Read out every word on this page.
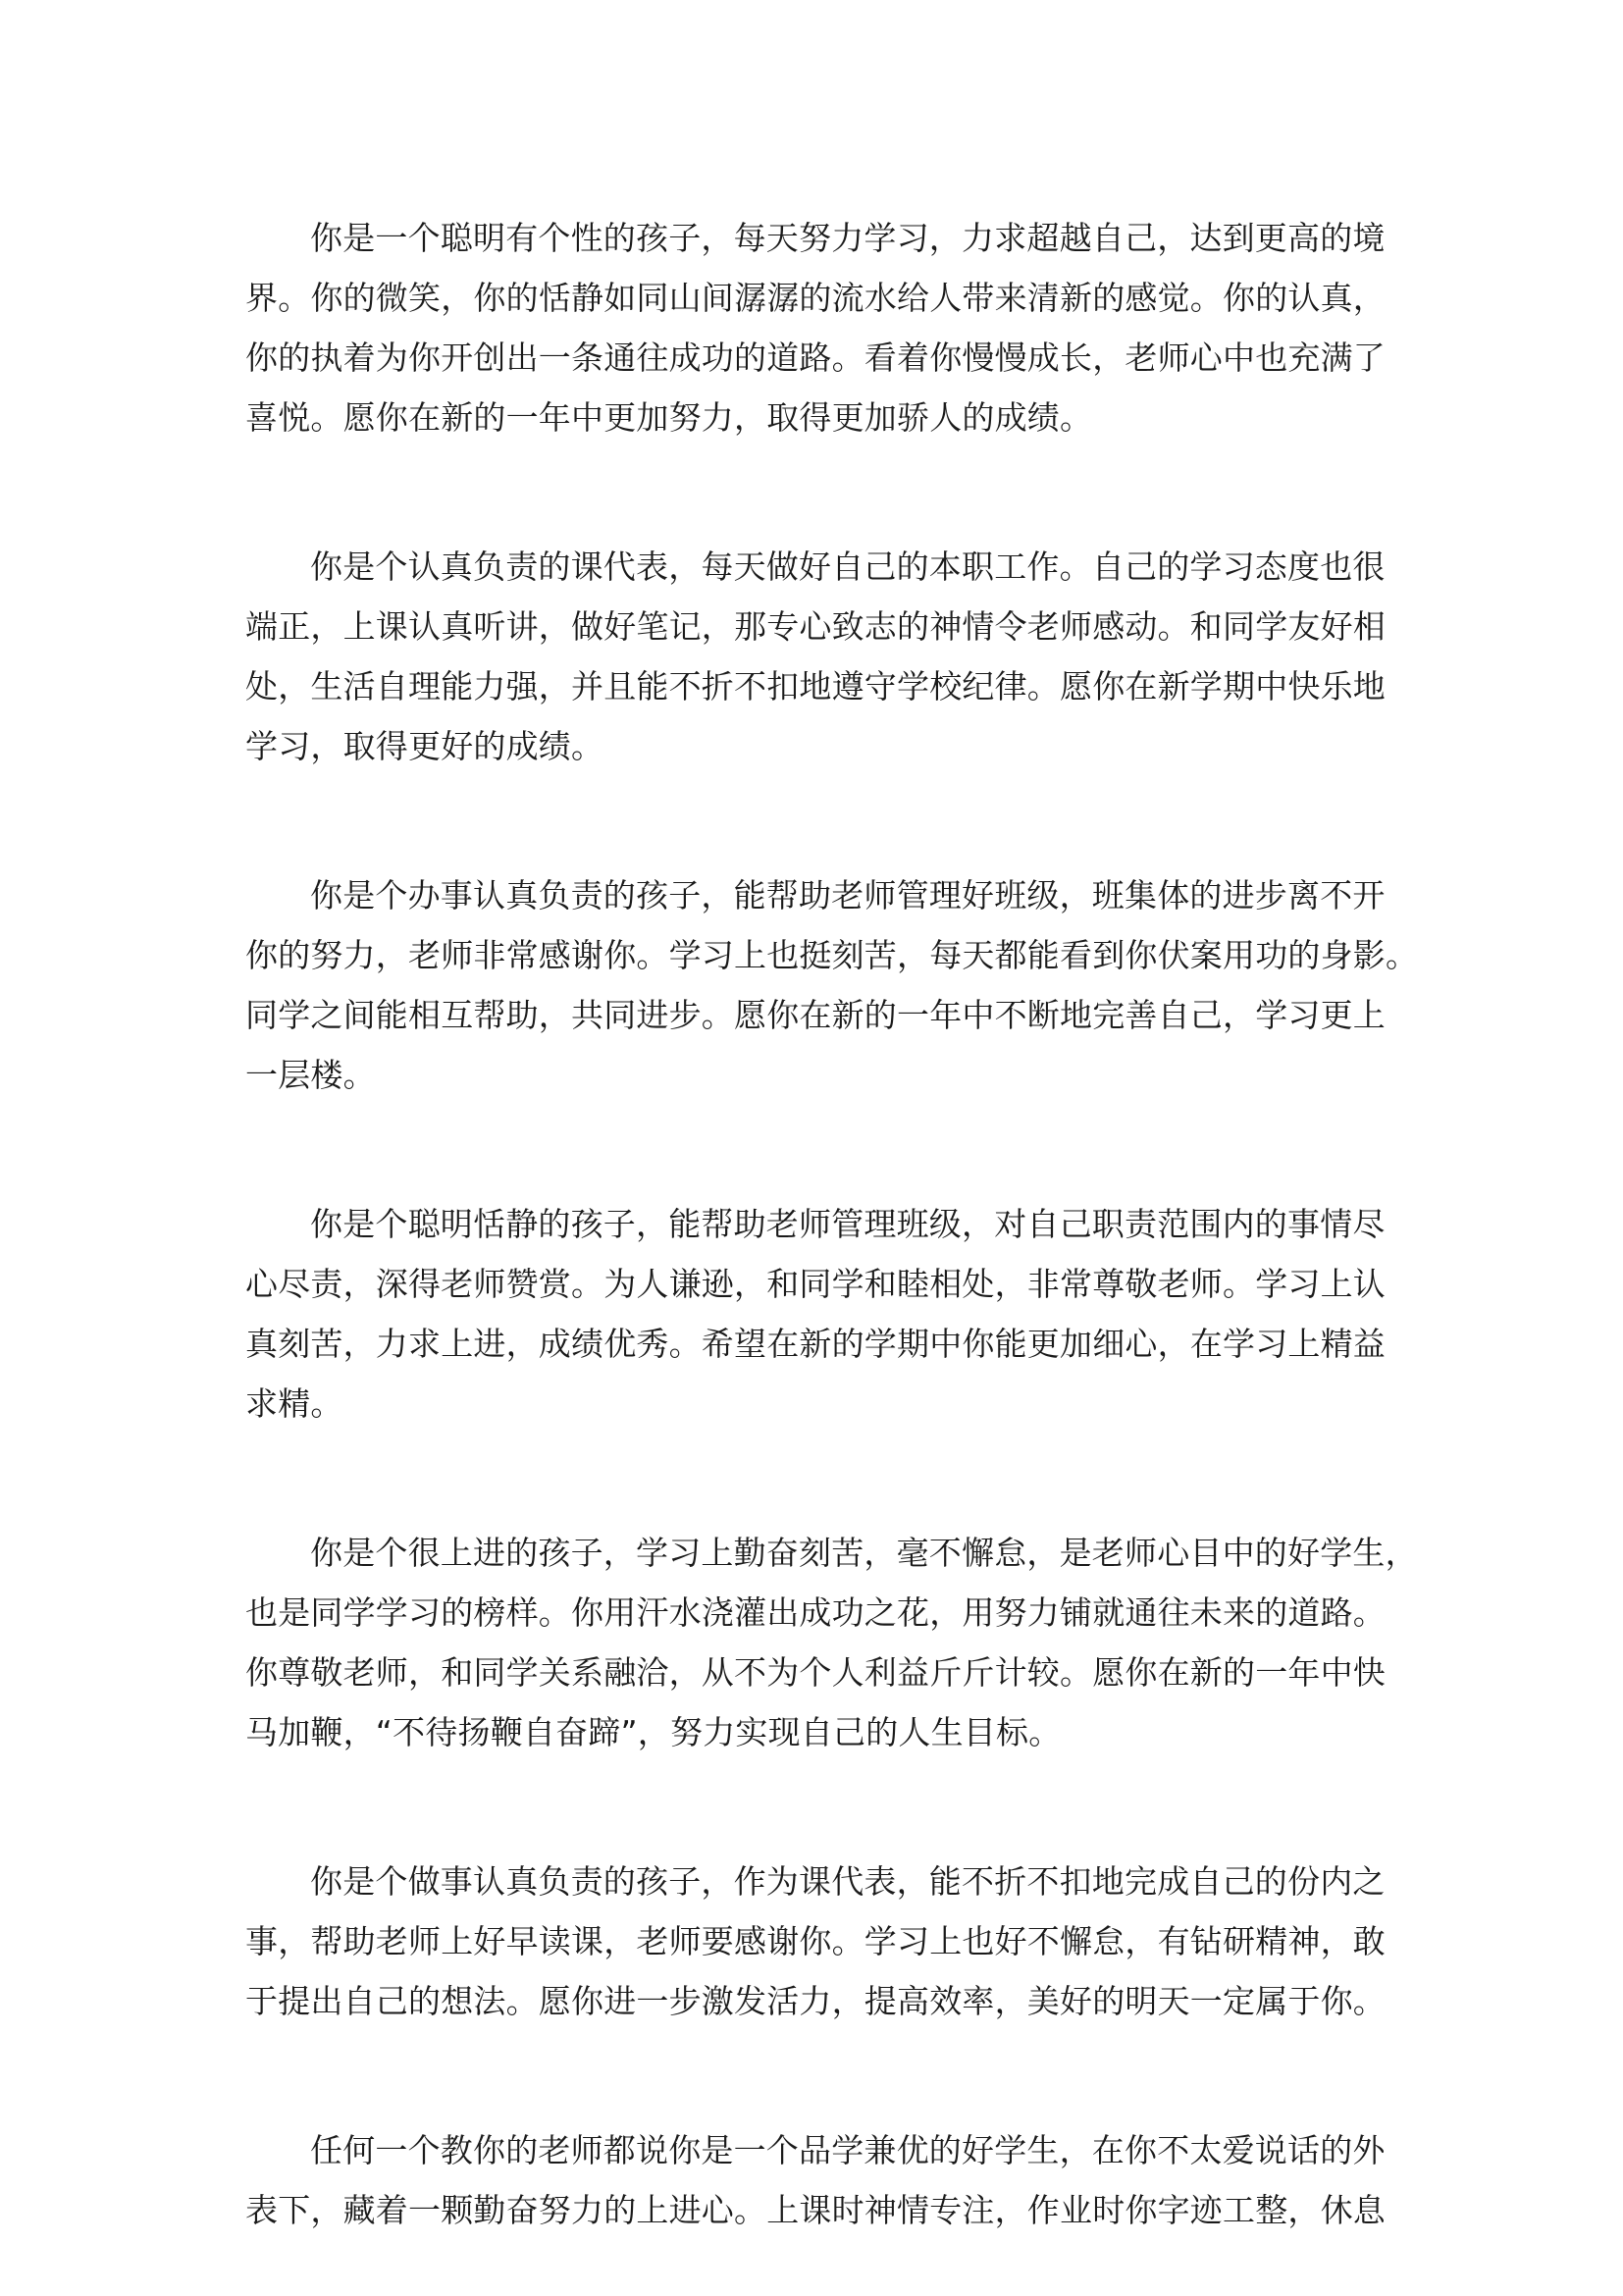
你是一个聪明有个性的孩子，每天努力学习，力求超越自己，达到更高的境
界。你的微笑，你的恬静如同山间潺潺的流水给人带来清新的感觉。你的认真，
你的执着为你开创出一条通往成功的道路。看着你慢慢成长，老师心中也充满了
喜悦。愿你在新的一年中更加努力，取得更加骄人的成绩。

你是个认真负责的课代表，每天做好自己的本职工作。自己的学习态度也很
端正，上课认真听讲，做好笔记，那专心致志的神情令老师感动。和同学友好相
处，生活自理能力强，并且能不折不扣地遵守学校纪律。愿你在新学期中快乐地
学习，取得更好的成绩。

你是个办事认真负责的孩子，能帮助老师管理好班级，班集体的进步离不开
你的努力，老师非常感谢你。学习上也挺刻苦，每天都能看到你伏案用功的身影。
同学之间能相互帮助，共同进步。愿你在新的一年中不断地完善自己，学习更上
一层楼。

你是个聪明恬静的孩子，能帮助老师管理班级，对自己职责范围内的事情尽
心尽责，深得老师赞赏。为人谦逊，和同学和睦相处，非常尊敬老师。学习上认
真刻苦，力求上进，成绩优秀。希望在新的学期中你能更加细心，在学习上精益
求精。

你是个很上进的孩子，学习上勤奋刻苦，毫不懈怠，是老师心目中的好学生，
也是同学学习的榜样。你用汗水浇灌出成功之花，用努力铺就通往未来的道路。
你尊敬老师，和同学关系融洽，从不为个人利益斤斤计较。愿你在新的一年中快
马加鞭，“不待扬鞭自奋蹄”，努力实现自己的人生目标。

你是个做事认真负责的孩子，作为课代表，能不折不扣地完成自己的份内之
事，帮助老师上好早读课，老师要感谢你。学习上也好不懈怠，有钻研精神，敢
于提出自己的想法。愿你进一步激发活力，提高效率，美好的明天一定属于你。

任何一个教你的老师都说你是一个品学兼优的好学生，在你不太爱说话的外
表下，藏着一颗勤奋努力的上进心。上课时神情专注，作业时你字迹工整，休息
